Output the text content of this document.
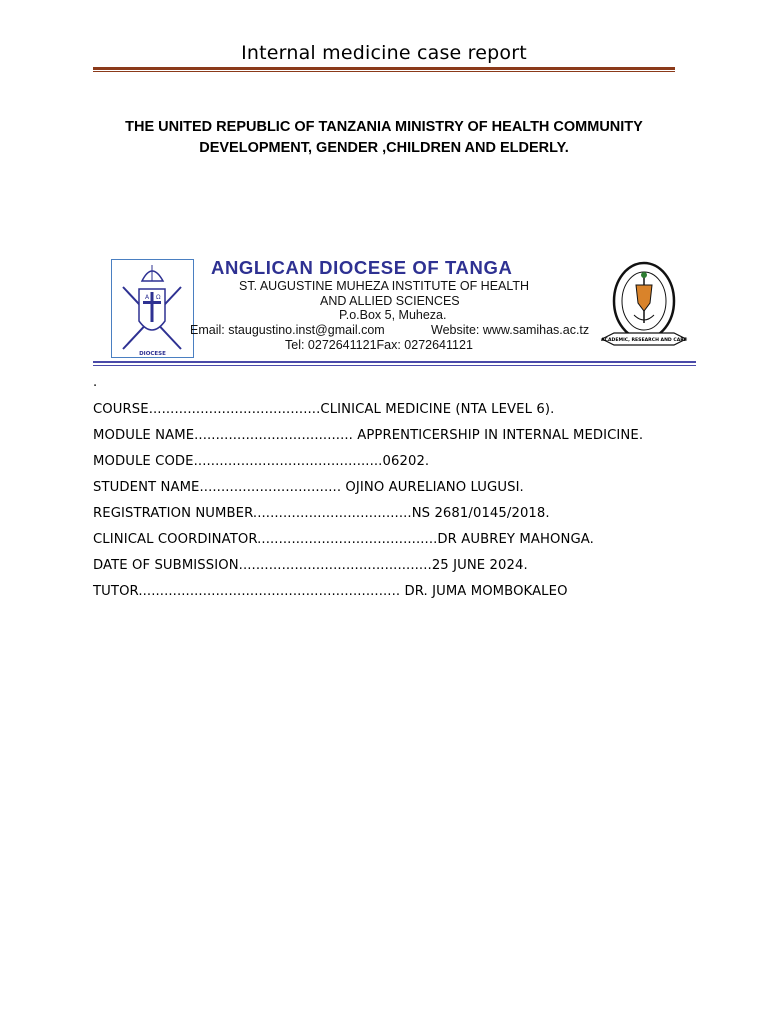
Internal medicine case report
THE UNITED REPUBLIC OF TANZANIA MINISTRY OF HEALTH COMMUNITY
DEVELOPMENT, GENDER ,CHILDREN AND ELDERLY.
A Ω
DIOCESE
ANGLICAN DIOCESE OF TANGA
ST. AUGUSTINE MUHEZA INSTITUTE OF HEALTH
AND ALLIED SCIENCES
P.o.Box 5, Muheza.
Email: staugustino.inst@gmail.com	Website: www.samihas.ac.tz
Tel: 0272641121Fax: 0272641121	ACADEMIC, RESEARCH AND CARE
.
COURSE........................................CLINICAL MEDICINE (NTA LEVEL 6).
MODULE NAME..................................... APPRENTICERSHIP IN INTERNAL MEDICINE.
MODULE CODE............................................06202.
STUDENT NAME................................. OJINO AURELIANO LUGUSI.
REGISTRATION NUMBER.....................................NS 2681/0145/2018.
CLINICAL COORDINATOR..........................................DR AUBREY MAHONGA.
DATE OF SUBMISSION.............................................25 JUNE 2024.
TUTOR............................................................. DR. JUMA MOMBOKALEO
